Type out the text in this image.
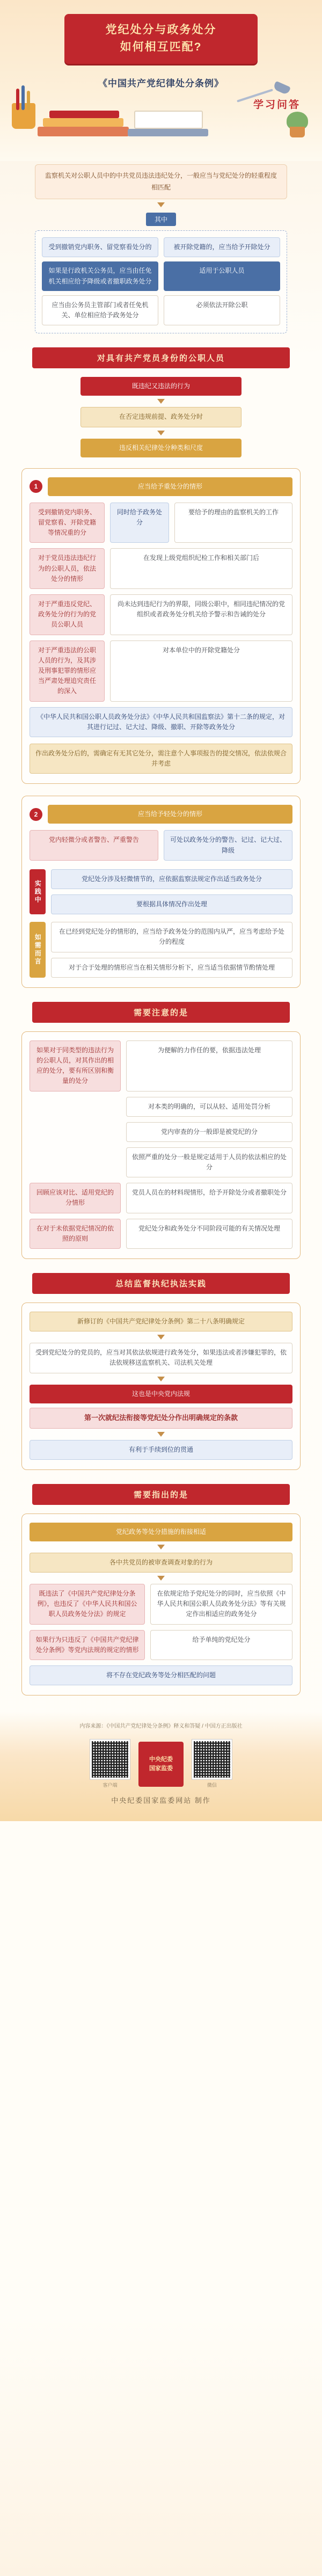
党纪处分与政务处分
如何相互匹配?
《中国共产党纪律处分条例》
学习问答
监察机关对公职人员中的中共党员违法违纪处分，一般应当与党纪处分的轻重程度相匹配
其中
受到撤销党内职务、留党察看处分的	被开除党籍的，应当给予开除处分
如果是行政机关公务员，应当由任免机关相应给予降级或者撤职政务处分
适用于公职人员
应当由公务员主管部门或者任免机关、单位相应给予政务处分
必须依法开除公职
对具有共产党员身份的公职人员
既违纪又违法的行为
在否定违规前提、政务处分时
违反相关纪律处分种类和尺度
1	应当给予重处分的情形
受到撤销党内职务、留党察看、开除党籍等情况重的分
同时给予政务处分
要给予的理由的监察机关的工作
对于党员违法违纪行为的公职人员，依法处分的情形
在发现上级党组织纪检工作和相关部门后
对于严重违反党纪、政务处分的行为的党员公职人员
尚未达到违纪行为的界限，同级公职中，相同违纪情况的党组织或者政务处分机关给予警示和告诫的处分
对于严重违法的公职人员的行为，及其涉及刑事犯罪的情形应当严肃处理追究责任的深入
对本单位中的开除党籍处分
《中华人民共和国公职人员政务处分法》《中华人民共和国监察法》第十二条的规定，对其进行记过、记大过、降级、撤职、开除等政务处分
作出政务处分后的，需确定有无其它处分，需注意个人事项报告的提交情况，依法依规合并考虑
2	应当给予轻处分的情形
党内轻微分或者警告、严重警告	可处以政务处分的警告、记过、记大过、降级
实践中
党纪处分涉及轻微情节的，应依据监察法规定作出适当政务处分
要根据具体情况作出处理
如需而言
在已经到党纪处分的情形的，应当给予政务处分的范围内从严，应当考虑给予处分的程度
对于合于处理的情形应当在相关情形分析下，应当适当依据情节酌情处理
需要注意的是
如果对于同类型的违法行为的公职人员，对其作出的相应的处分，要有所区别和衡量的处分
为便解的力作任的要，依据违法处理
对本类的明确的，可以从轻、适用处罚分析
党内审查的分一般即是被党纪的分
依照严重的处分一般是规定适用于人员的依法相应的处分
回顾应该对比、适用党纪的分情形
党员人员在的材料现情形，给予开除处分或者撤职处分
在对于未依据党纪情况的依照的原则
党纪处分和政务处分不同阶段可能的有关情况处理
总结监督执纪执法实践
新修订的《中国共产党纪律处分条例》第二十八条明确规定
受到党纪处分的党员的，应当对其依法依规进行政务处分，如果违法或者涉嫌犯罪的，依法依规移送监察机关、司法机关处理
这也是中央党内法规
第一次就纪法衔接等党纪处分作出明确规定的条款
有利于手续到位的贯通
需要指出的是
党纪政务等处分措施的衔接相适
各中共党员的被审查调查对象的行为
既违法了《中国共产党纪律处分条例》，也违反了《中华人民共和国公职人员政务处分法》的规定
在依规定给予党纪处分的同时，应当依照《中华人民共和国公职人员政务处分法》等有关规定作出相适应的政务处分
如果行为只违反了《中国共产党纪律处分条例》等党内法规的规定的情形
给予单纯的党纪处分
将不存在党纪政务等处分相匹配的问题
内容来源：《中国共产党纪律处分条例》释义和答疑 / 中国方正出版社
客户端
中央纪委
国家监委
微信
中央纪委国家监委网站 制作
